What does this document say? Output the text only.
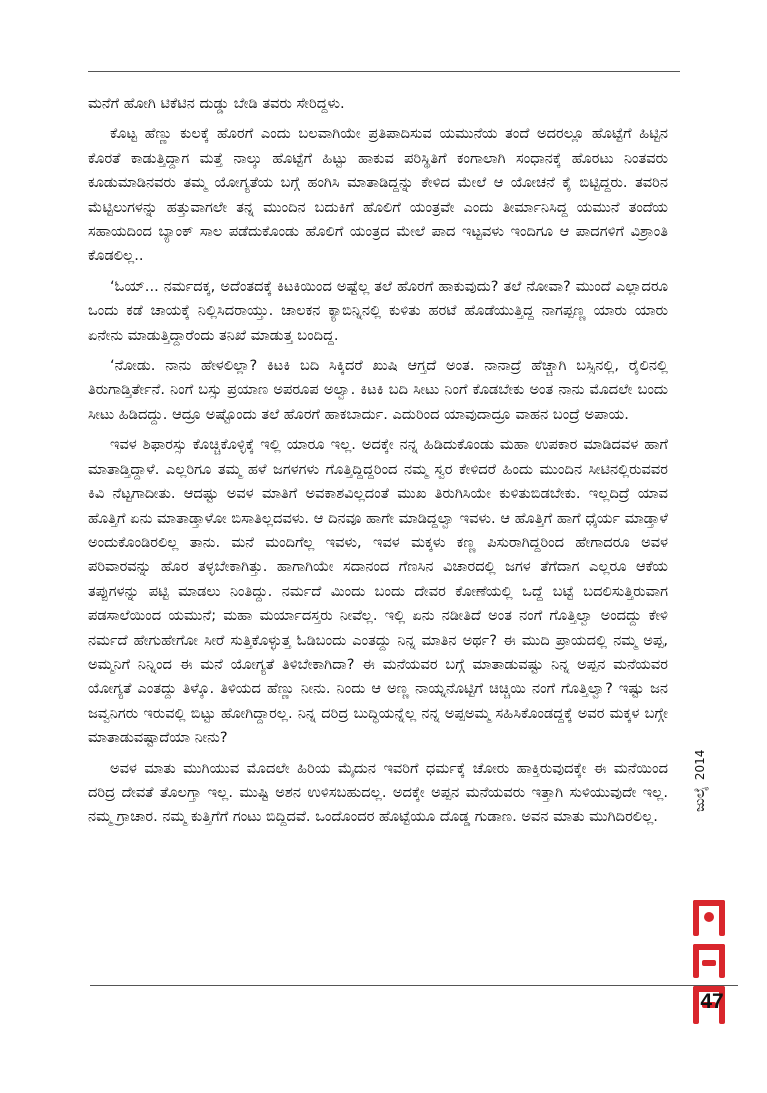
ಮನೆಗೆ ಹೋಗಿ ಟಿಕೆಟಿನ ದುಡ್ಡು ಬೇಡಿ ತವರು ಸೇರಿದ್ದಳು.

ಕೊಟ್ಟ ಹೆಣ್ಣು ಕುಲಕ್ಕೆ ಹೊರಗೆ ಎಂದು ಬಲವಾಗಿಯೇ ಪ್ರತಿಪಾದಿಸುವ ಯಮುನೆಯ ತಂದೆ ಅದರಲ್ಲೂ ಹೊಟ್ಟೆಗೆ ಹಿಟ್ಟಿನ ಕೊರತೆ ಕಾಡುತ್ತಿದ್ದಾಗ ಮತ್ತೆ ನಾಲ್ಕು ಹೊಟ್ಟೆಗೆ ಹಿಟ್ಟು ಹಾಕುವ ಪರಿಸ್ಥಿತಿಗೆ ಕಂಗಾಲಾಗಿ ಸಂಧಾನಕ್ಕೆ ಹೊರಟು ನಿಂತವರು ಕೂಡುಮಾಡಿನವರು ತಮ್ಮ ಯೋಗ್ಯತೆಯ ಬಗ್ಗೆ ಹಂಗಿಸಿ ಮಾತಾಡಿದ್ದನ್ನು ಕೇಳಿದ ಮೇಲೆ ಆ ಯೋಚನೆ ಕೈ ಬಿಟ್ಟಿದ್ದರು. ತವರಿನ ಮೆಟ್ಟಿಲುಗಳನ್ನು ಹತ್ತುವಾಗಲೇ ತನ್ನ ಮುಂದಿನ ಬದುಕಿಗೆ ಹೊಲಿಗೆ ಯಂತ್ರವೇ ಎಂದು ತೀರ್ಮಾನಿಸಿದ್ದ ಯಮುನೆ ತಂದೆಯ ಸಹಾಯದಿಂದ ಬ್ಯಾಂಕ್ ಸಾಲ ಪಡೆದುಕೊಂಡು ಹೊಲಿಗೆ ಯಂತ್ರದ ಮೇಲೆ ಪಾದ ಇಟ್ಟವಳು ಇಂದಿಗೂ ಆ ಪಾದಗಳಿಗೆ ವಿಶ್ರಾಂತಿ ಕೊಡಲಿಲ್ಲ..

‘ಓಯ್... ನರ್ಮದಕ್ಕ, ಅದೆಂತದಕ್ಕೆ ಕಿಟಕಿಯಿಂದ ಅಷ್ಟೆಲ್ಲ ತಲೆ ಹೊರಗೆ ಹಾಕುವುದು? ತಲೆ ನೋವಾ? ಮುಂದೆ ಎಲ್ಲಾದರೂ ಒಂದು ಕಡೆ ಚಾಯಕ್ಕೆ ನಿಲ್ಲಿಸಿದರಾಯ್ತು. ಚಾಲಕನ ಕ್ಯಾಬಿನ್ನಿನಲ್ಲಿ ಕುಳಿತು ಹರಟೆ ಹೊಡೆಯುತ್ತಿದ್ದ ನಾಗಪ್ಪಣ್ಣ ಯಾರು ಯಾರು ಏನೇನು ಮಾಡುತ್ತಿದ್ದಾರೆಂದು ತನಿಖೆ ಮಾಡುತ್ತ ಬಂದಿದ್ದ.

‘ನೋಡು. ನಾನು ಹೇಳಲಿಲ್ಲಾ? ಕಿಟಕಿ ಬದಿ ಸಿಕ್ಕಿದರೆ ಖುಷಿ ಆಗ್ತದೆ ಅಂತ. ನಾನಾದ್ರೆ ಹೆಚ್ಚಾಗಿ ಬಸ್ಸಿನಲ್ಲಿ, ರೈಲಿನಲ್ಲಿ ತಿರುಗಾಡ್ತಿರ್ತೇನೆ. ನಿಂಗೆ ಬಸ್ಸು ಪ್ರಯಾಣ ಅಪರೂಪ ಅಲ್ವಾ. ಕಿಟಕಿ ಬದಿ ಸೀಟು ನಿಂಗೆ ಕೊಡಬೇಕು ಅಂತ ನಾನು ಮೊದಲೇ ಬಂದು ಸೀಟು ಹಿಡಿದದ್ದು. ಆದ್ರೂ ಅಷ್ಟೊಂದು ತಲೆ ಹೊರಗೆ ಹಾಕಬಾರ್ದು. ಎದುರಿಂದ ಯಾವುದಾದ್ರೂ ವಾಹನ ಬಂದ್ರೆ ಅಪಾಯ.

ಇವಳ ಶಿಫಾರಸ್ಸು ಕೊಚ್ಚಿಕೊಳ್ಳಿಕ್ಕೆ ಇಲ್ಲಿ ಯಾರೂ ಇಲ್ಲ. ಅದಕ್ಕೇ ನನ್ನ ಹಿಡಿದುಕೊಂಡು ಮಹಾ ಉಪಕಾರ ಮಾಡಿದವಳ ಹಾಗೆ ಮಾತಾಡ್ತಿದ್ದಾಳೆ. ಎಲ್ಲರಿಗೂ ತಮ್ಮ ಹಳೆ ಜಗಳಗಳು ಗೊತ್ತಿದ್ದಿದ್ದರಿಂದ ನಮ್ಮ ಸ್ವರ ಕೇಳಿದರೆ ಹಿಂದು ಮುಂದಿನ ಸೀಟಿನಲ್ಲಿರುವವರ ಕಿವಿ ನೆಟ್ಟಗಾದೀತು. ಆದಷ್ಟು ಅವಳ ಮಾತಿಗೆ ಅವಕಾಶವಿಲ್ಲದಂತೆ ಮುಖ ತಿರುಗಿಸಿಯೇ ಕುಳಿತುಬಿಡಬೇಕು. ಇಲ್ಲದಿದ್ರೆ ಯಾವ ಹೊತ್ತಿಗೆ ಏನು ಮಾತಾಡ್ತಾಳೋ ಬಿಸಾತಿಲ್ಲದವಳು. ಆ ದಿನವೂ ಹಾಗೇ ಮಾಡಿದ್ದಲ್ವಾ ಇವಳು. ಆ ಹೊತ್ತಿಗೆ ಹಾಗೆ ಧೈರ್ಯ ಮಾಡ್ತಾಳೆ ಅಂದುಕೊಂಡಿರಲಿಲ್ಲ ತಾನು. ಮನೆ ಮಂದಿಗೆಲ್ಲ ಇವಳು, ಇವಳ ಮಕ್ಕಳು ಕಣ್ಣ ಪಿಸುರಾಗಿದ್ದರಿಂದ ಹೇಗಾದರೂ ಅವಳ ಪರಿವಾರವನ್ನು ಹೊರ ತಳ್ಳಬೇಕಾಗಿತ್ತು. ಹಾಗಾಗಿಯೇ ಸದಾನಂದ ಗೆಣಸಿನ ವಿಚಾರದಲ್ಲಿ ಜಗಳ ತೆಗೆದಾಗ ಎಲ್ಲರೂ ಆಕೆಯ ತಪ್ಪುಗಳನ್ನು ಪಟ್ಟಿ ಮಾಡಲು ನಿಂತಿದ್ದು. ನರ್ಮದೆ ಮಿಂದು ಬಂದು ದೇವರ ಕೋಣೆಯಲ್ಲಿ ಒದ್ದೆ ಬಟ್ಟೆ ಬದಲಿಸುತ್ತಿರುವಾಗ ಪಡಸಾಲೆಯಿಂದ ಯಮುನೆ; ಮಹಾ ಮರ್ಯಾದಸ್ತರು ನೀವೆಲ್ಲ. ಇಲ್ಲಿ ಏನು ನಡೀತಿದೆ ಅಂತ ನಂಗೆ ಗೊತ್ತಿಲ್ವಾ ಅಂದದ್ದು ಕೇಳಿ ನರ್ಮದೆ ಹೇಗುಹೇಗೋ ಸೀರೆ ಸುತ್ತಿಕೊಳ್ಳುತ್ತ ಓಡಿಬಂದು ಎಂತದ್ದು ನಿನ್ನ ಮಾತಿನ ಅರ್ಥ? ಈ ಮುದಿ ಪ್ರಾಯದಲ್ಲಿ ನಮ್ಮ ಅಪ್ಪ, ಅಮ್ಮನಿಗೆ ನಿನ್ನಿಂದ ಈ ಮನೆ ಯೋಗ್ಯತೆ ತಿಳಿಬೇಕಾಗಿದಾ? ಈ ಮನೆಯವರ ಬಗ್ಗೆ ಮಾತಾಡುವಷ್ಟು ನಿನ್ನ ಅಪ್ಪನ ಮನೆಯವರ ಯೋಗ್ಯತೆ ಎಂತದ್ದು ತಿಳ್ಕೊ. ತಿಳಿಯದ ಹೆಣ್ಣು ನೀನು. ನಿಂದು ಆ ಅಣ್ಣ ನಾಯ್ನನೊಟ್ಟಿಗೆ ಚಿಚ್ಚಿಯಿ ನಂಗೆ ಗೊತ್ತಿಲ್ವಾ? ಇಷ್ಟು ಜನ ಜವ್ವನಿಗರು ಇರುವಲ್ಲಿ ಬಿಟ್ಟು ಹೋಗಿದ್ದಾರಲ್ಲ. ನಿನ್ನ ದರಿದ್ರ ಬುದ್ಧಿಯನ್ನೆಲ್ಲ ನನ್ನ ಅಪ್ಪಅಮ್ಮ ಸಹಿಸಿಕೊಂಡದ್ದಕ್ಕೆ ಅವರ ಮಕ್ಕಳ ಬಗ್ಗೇ ಮಾತಾಡುವಷ್ಟಾದೆಯಾ ನೀನು?

ಅವಳ ಮಾತು ಮುಗಿಯುವ ಮೊದಲೇ ಹಿರಿಯ ಮೈದುನ ಇವರಿಗೆ ಧರ್ಮಕ್ಕೆ ಚೋರು ಹಾಕ್ತಿರುವುದಕ್ಕೇ ಈ ಮನೆಯಿಂದ ದರಿದ್ರ ದೇವತೆ ತೊಲಗ್ತಾ ಇಲ್ಲ. ಮುಷ್ಟಿ ಅಶನ ಉಳಿಸಬಹುದಲ್ಲ. ಅದಕ್ಕೇ ಅಪ್ಪನ ಮನೆಯವರು ಇತ್ತಾಗಿ ಸುಳಿಯುವುದೇ ಇಲ್ಲ. ನಮ್ಮ ಗ್ರಾಚಾರ. ನಮ್ಮ ಕುತ್ತಿಗೆಗೆ ಗಂಟು ಬಿದ್ದಿದವೆ. ಒಂದೊಂದರ ಹೊಟ್ಟೆಯೂ ದೊಡ್ಡ ಗುಡಾಣ. ಅವನ ಮಾತು ಮುಗಿದಿರಲಿಲ್ಲ.

ಜುಲೈ
2014
47
